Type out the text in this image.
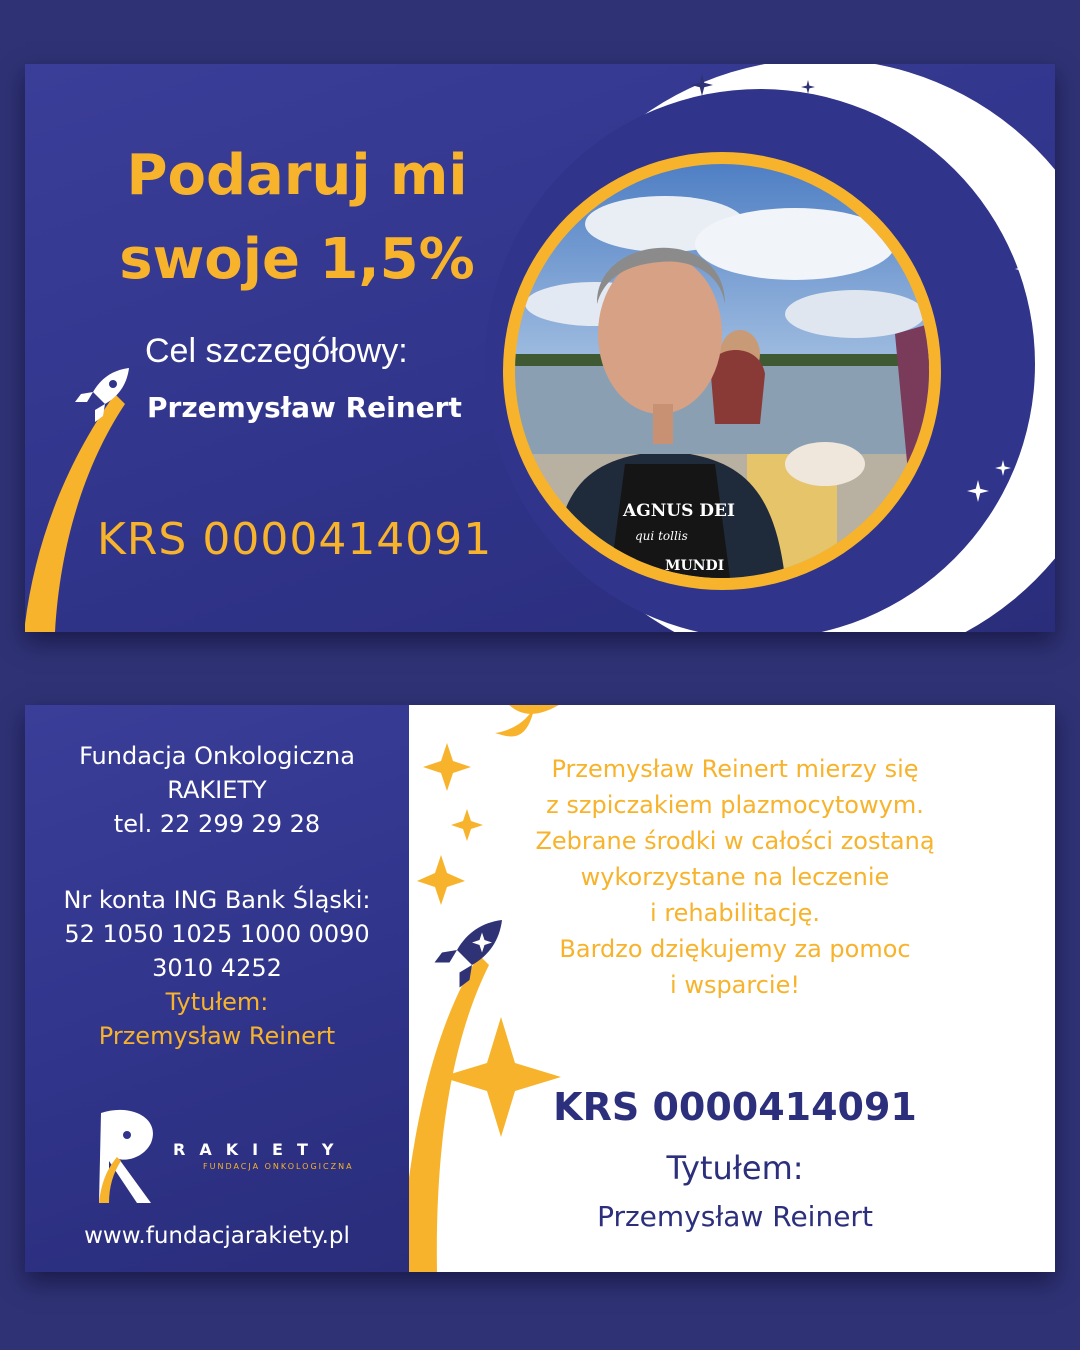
Podaruj mi
swoje 1,5%
Cel szczegółowy:
Przemysław Reinert
KRS 0000414091
AGNUS DEI
qui tollis
MUNDI
Fundacja Onkologiczna
RAKIETY
tel. 22 299 29 28
Nr konta ING Bank Śląski:
52 1050 1025 1000 0090
3010 4252
Tytułem:
Przemysław Reinert
RAKIETY
FUNDACJA ONKOLOGICZNA
www.fundacjarakiety.pl
Przemysław Reinert mierzy się
z szpiczakiem plazmocytowym.
Zebrane środki w całości zostaną
wykorzystane na leczenie
i rehabilitację.
Bardzo dziękujemy za pomoc
i wsparcie!
KRS 0000414091
Tytułem:
Przemysław Reinert
